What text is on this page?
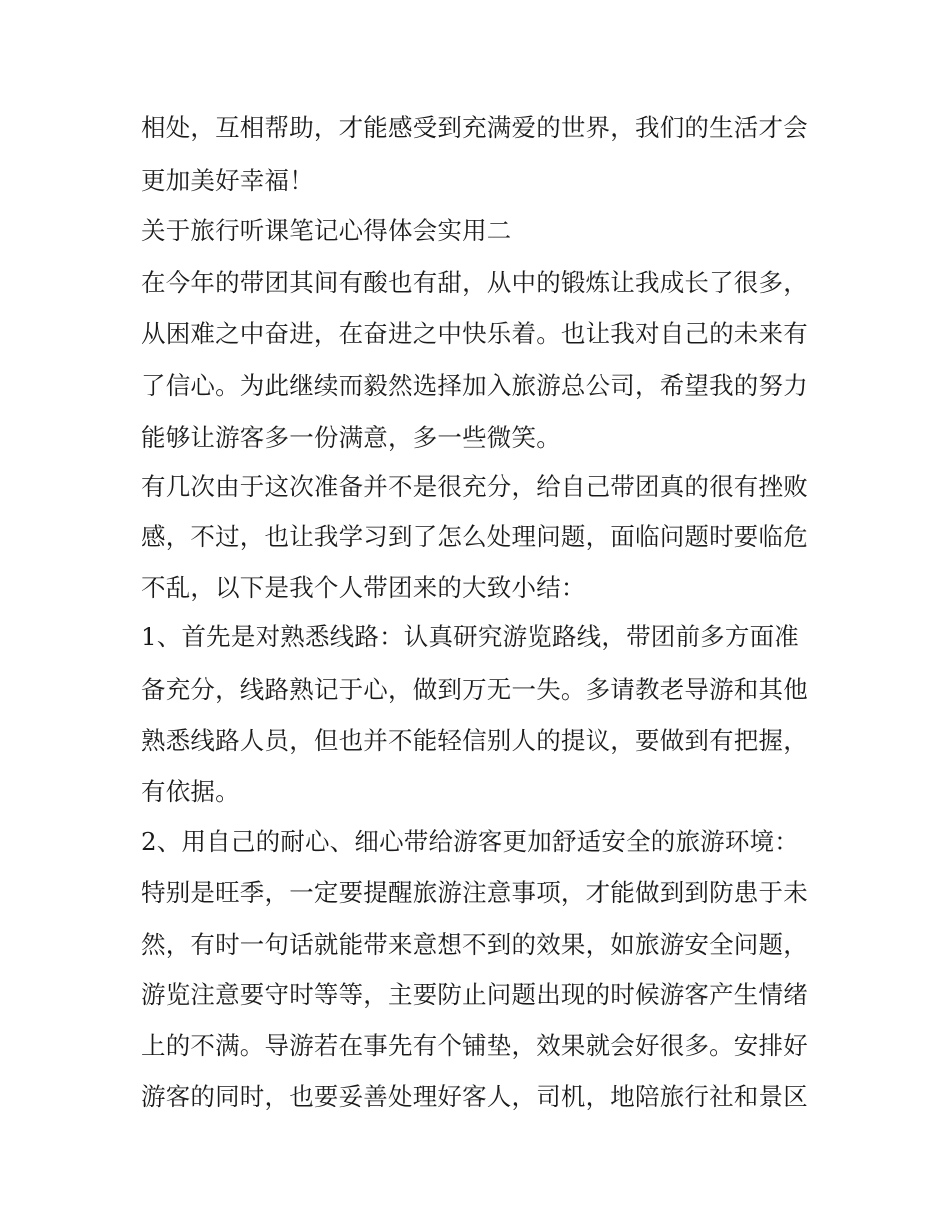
相处，互相帮助，才能感受到充满爱的世界，我们的生活才会
更加美好幸福！
关于旅行听课笔记心得体会实用二
在今年的带团其间有酸也有甜，从中的锻炼让我成长了很多，
从困难之中奋进，在奋进之中快乐着。也让我对自己的未来有
了信心。为此继续而毅然选择加入旅游总公司，希望我的努力
能够让游客多一份满意，多一些微笑。
有几次由于这次准备并不是很充分，给自己带团真的很有挫败
感，不过，也让我学习到了怎么处理问题，面临问题时要临危
不乱，以下是我个人带团来的大致小结：
1、首先是对熟悉线路：认真研究游览路线，带团前多方面准
备充分，线路熟记于心，做到万无一失。多请教老导游和其他
熟悉线路人员，但也并不能轻信别人的提议，要做到有把握，
有依据。
2、用自己的耐心、细心带给游客更加舒适安全的旅游环境：
特别是旺季，一定要提醒旅游注意事项，才能做到到防患于未
然，有时一句话就能带来意想不到的效果，如旅游安全问题，
游览注意要守时等等，主要防止问题出现的时候游客产生情绪
上的不满。导游若在事先有个铺垫，效果就会好很多。安排好
游客的同时，也要妥善处理好客人，司机，地陪旅行社和景区
